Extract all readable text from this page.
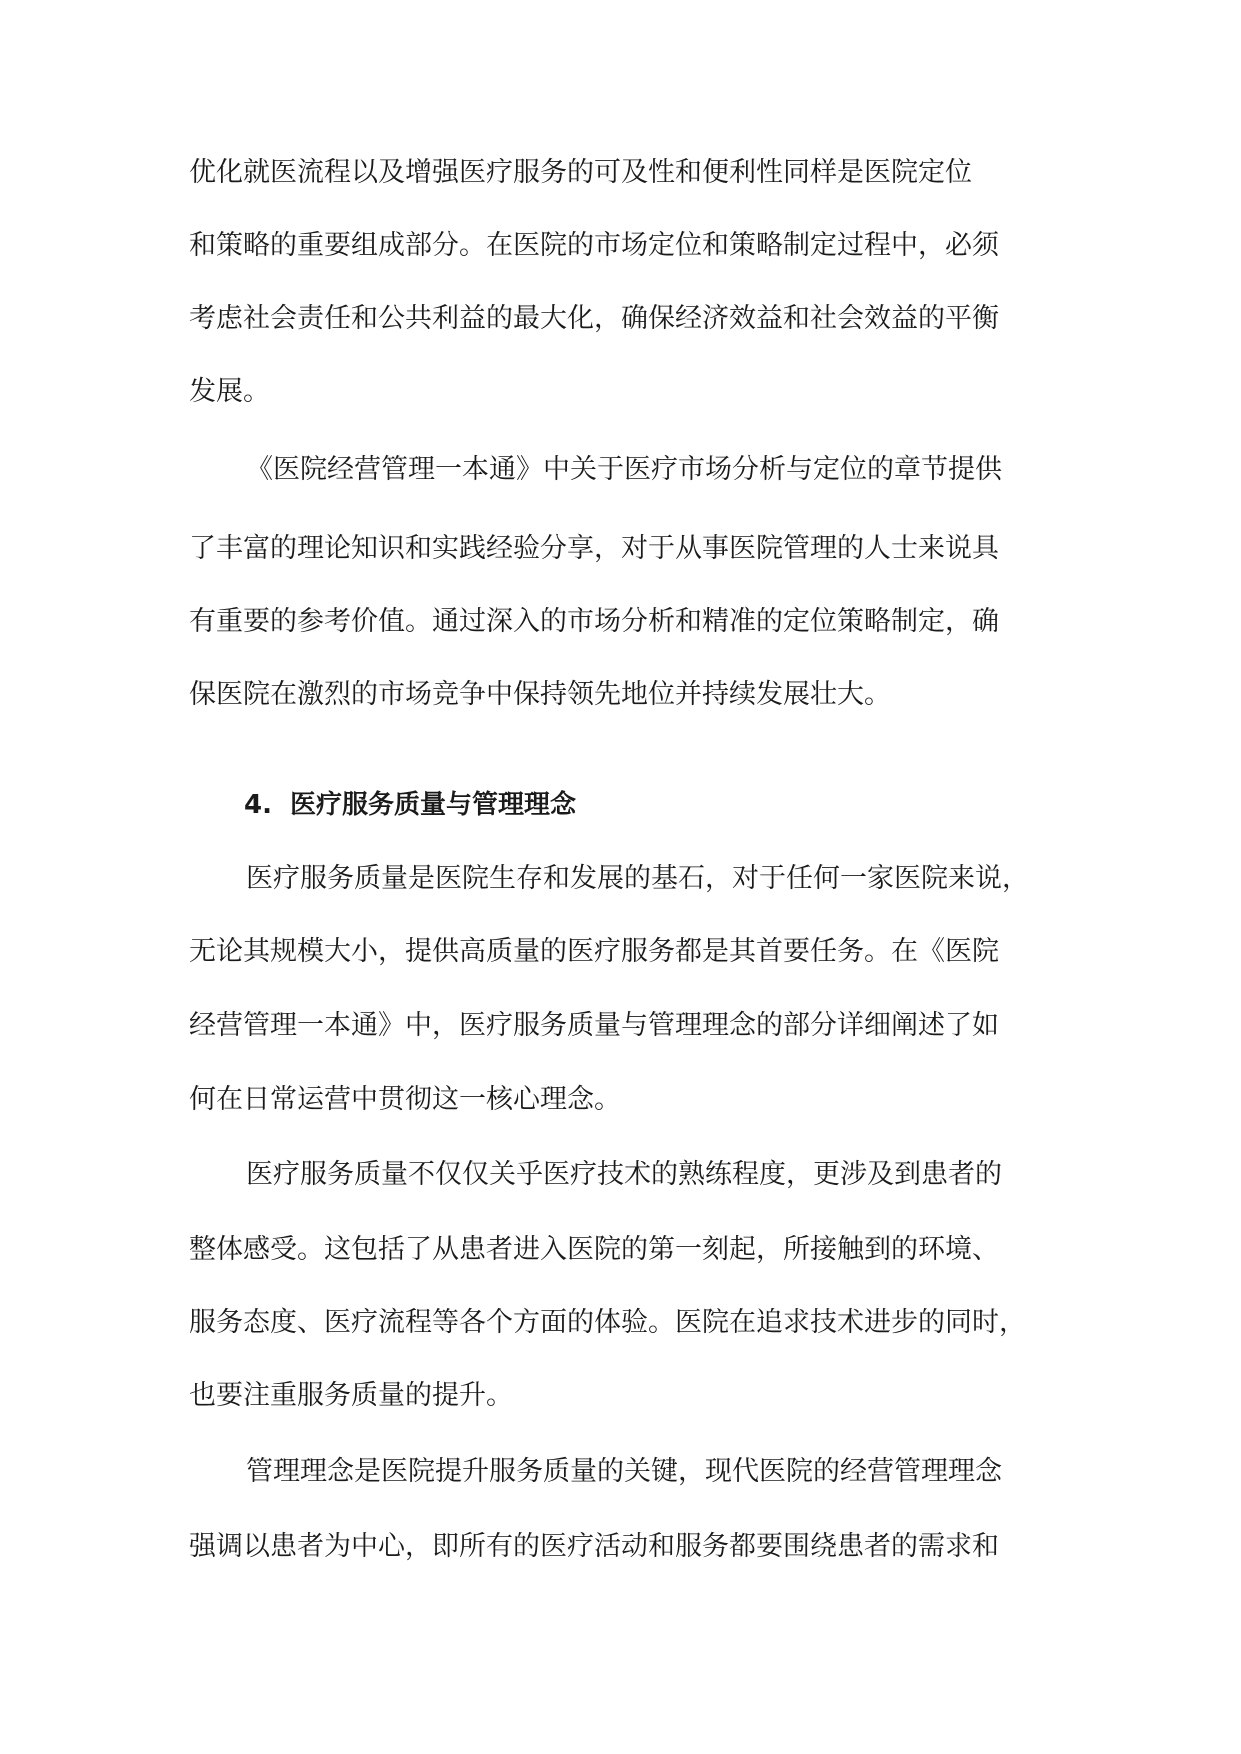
优化就医流程以及增强医疗服务的可及性和便利性同样是医院定位
和策略的重要组成部分。在医院的市场定位和策略制定过程中，必须
考虑社会责任和公共利益的最大化，确保经济效益和社会效益的平衡
发展。
《医院经营管理一本通》中关于医疗市场分析与定位的章节提供
了丰富的理论知识和实践经验分享，对于从事医院管理的人士来说具
有重要的参考价值。通过深入的市场分析和精准的定位策略制定，确
保医院在激烈的市场竞争中保持领先地位并持续发展壮大。
4. 医疗服务质量与管理理念
医疗服务质量是医院生存和发展的基石，对于任何一家医院来说，
无论其规模大小，提供高质量的医疗服务都是其首要任务。在《医院
经营管理一本通》中，医疗服务质量与管理理念的部分详细阐述了如
何在日常运营中贯彻这一核心理念。
医疗服务质量不仅仅关乎医疗技术的熟练程度，更涉及到患者的
整体感受。这包括了从患者进入医院的第一刻起，所接触到的环境、
服务态度、医疗流程等各个方面的体验。医院在追求技术进步的同时，
也要注重服务质量的提升。
管理理念是医院提升服务质量的关键，现代医院的经营管理理念
强调以患者为中心，即所有的医疗活动和服务都要围绕患者的需求和
